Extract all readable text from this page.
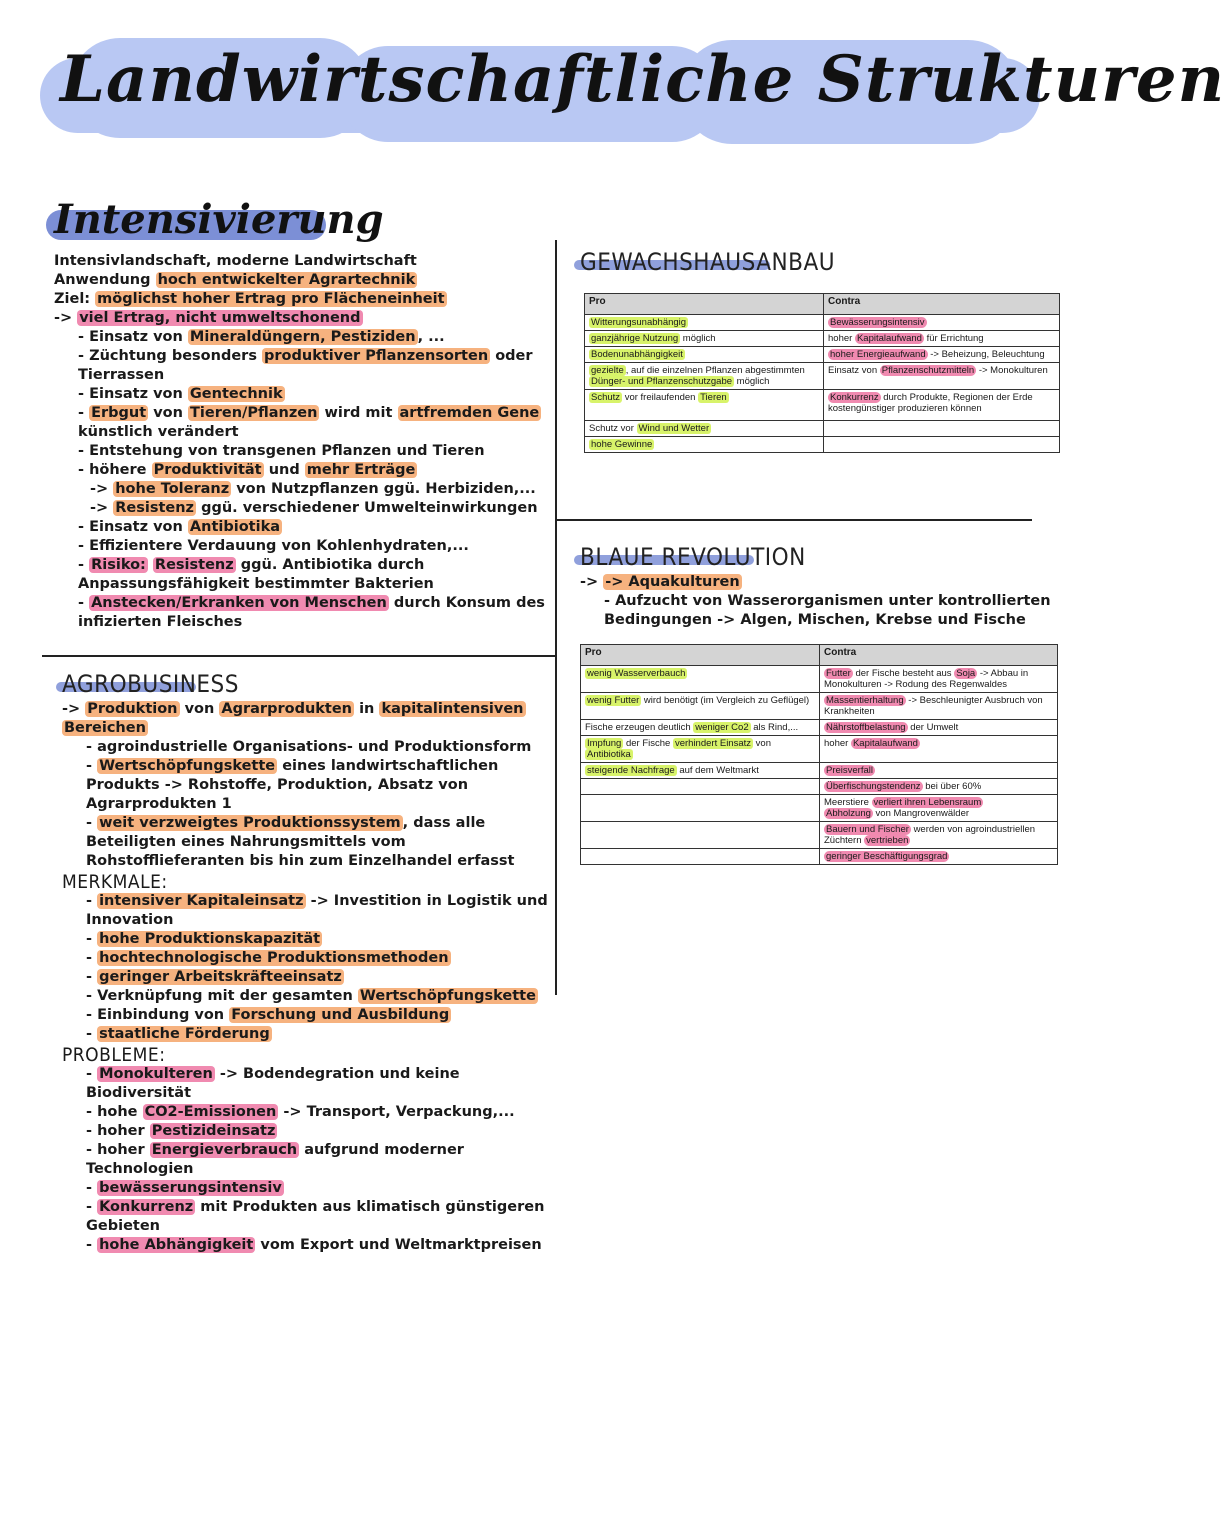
Landwirtschaftliche Strukturen
Intensivierung
Intensivlandschaft, moderne Landwirtschaft
Anwendung hoch entwickelter Agrartechnik
Ziel: möglichst hoher Ertrag pro Flächeneinheit
-> viel Ertrag, nicht umweltschonend
- Einsatz von Mineraldüngern, Pestiziden , ...
- Züchtung besonders produktiver Pflanzensorten oder
Tierrassen
- Einsatz von Gentechnik
- Erbgut von Tieren/Pflanzen wird mit artfremden Gene
künstlich verändert
- Entstehung von transgenen Pflanzen und Tieren
- höhere Produktivität und mehr Erträge
-> hohe Toleranz von Nutzpflanzen ggü. Herbiziden,...
-> Resistenz ggü. verschiedener Umwelteinwirkungen
- Einsatz von Antibiotika
- Effizientere Verdauung von Kohlenhydraten,...
- Risiko: Resistenz ggü. Antibiotika durch
Anpassungsfähigkeit bestimmter Bakterien
- Anstecken/Erkranken von Menschen durch Konsum des
infizierten Fleisches
AGROBUSINESS
-> Produktion von Agrarprodukten in kapitalintensiven
Bereichen
- agroindustrielle Organisations- und Produktionsform
- Wertschöpfungskette eines landwirtschaftlichen
Produkts -> Rohstoffe, Produktion, Absatz von
Agrarprodukten 1
- weit verzweigtes Produktionssystem , dass alle
Beteiligten eines Nahrungsmittels vom
Rohstofflieferanten bis hin zum Einzelhandel erfasst
MERKMALE:
- intensiver Kapitaleinsatz -> Investition in Logistik und
Innovation
- hohe Produktionskapazität
- hochtechnologische Produktionsmethoden
- geringer Arbeitskräfteeinsatz
- Verknüpfung mit der gesamten Wertschöpfungskette
- Einbindung von Forschung und Ausbildung
- staatliche Förderung
PROBLEME:
- Monokulteren -> Bodendegration und keine
Biodiversität
- hohe CO2-Emissionen -> Transport, Verpackung,...
- hoher Pestizideinsatz
- hoher Energieverbrauch aufgrund moderner
Technologien
- bewässerungsintensiv
- Konkurrenz mit Produkten aus klimatisch günstigeren
Gebieten
- hohe Abhängigkeit vom Export und Weltmarktpreisen
GEWACHSHAUSANBAU
Pro	Contra
Witterungsunabhängig	Bewässerungsintensiv
ganzjährige Nutzung möglich	hoher Kapitalaufwand für Errichtung
Bodenunabhängigkeit	hoher Energieaufwand -> Beheizung, Beleuchtung
gezielte , auf die einzelnen Pflanzen abgestimmten
Dünger- und Pflanzenschutzgabe möglich	Einsatz von Pflanzenschutzmitteln -> Monokulturen
Schutz vor freilaufenden Tieren	Konkurrenz durch Produkte, Regionen der Erde
kostengünstiger produzieren können
Schutz vor Wind und Wetter	
hohe Gewinne	
BLAUE REVOLUTION
-> -> Aquakulturen
- Aufzucht von Wasserorganismen unter kontrollierten
Bedingungen -> Algen, Mischen, Krebse und Fische
Pro	Contra
wenig Wasserverbauch	Futter der Fische besteht aus Soja -> Abbau in
Monokulturen -> Rodung des Regenwaldes
wenig Futter wird benötigt (im Vergleich zu Geflügel)	Massentierhaltung -> Beschleunigter Ausbruch von
Krankheiten
Fische erzeugen deutlich weniger Co2 als Rind,...	Nährstoffbelastung der Umwelt
Impfung der Fische verhindert Einsatz von
Antibiotika	hoher Kapitalaufwand
steigende Nachfrage auf dem Weltmarkt	Preisverfall
	Überfischungstendenz bei über 60%
	Meerstiere verliert ihren Lebensraum
Abholzung von Mangrovenwälder
	Bauern und Fischer werden von agroindustriellen
Züchtern vertrieben
	geringer Beschäftigungsgrad
